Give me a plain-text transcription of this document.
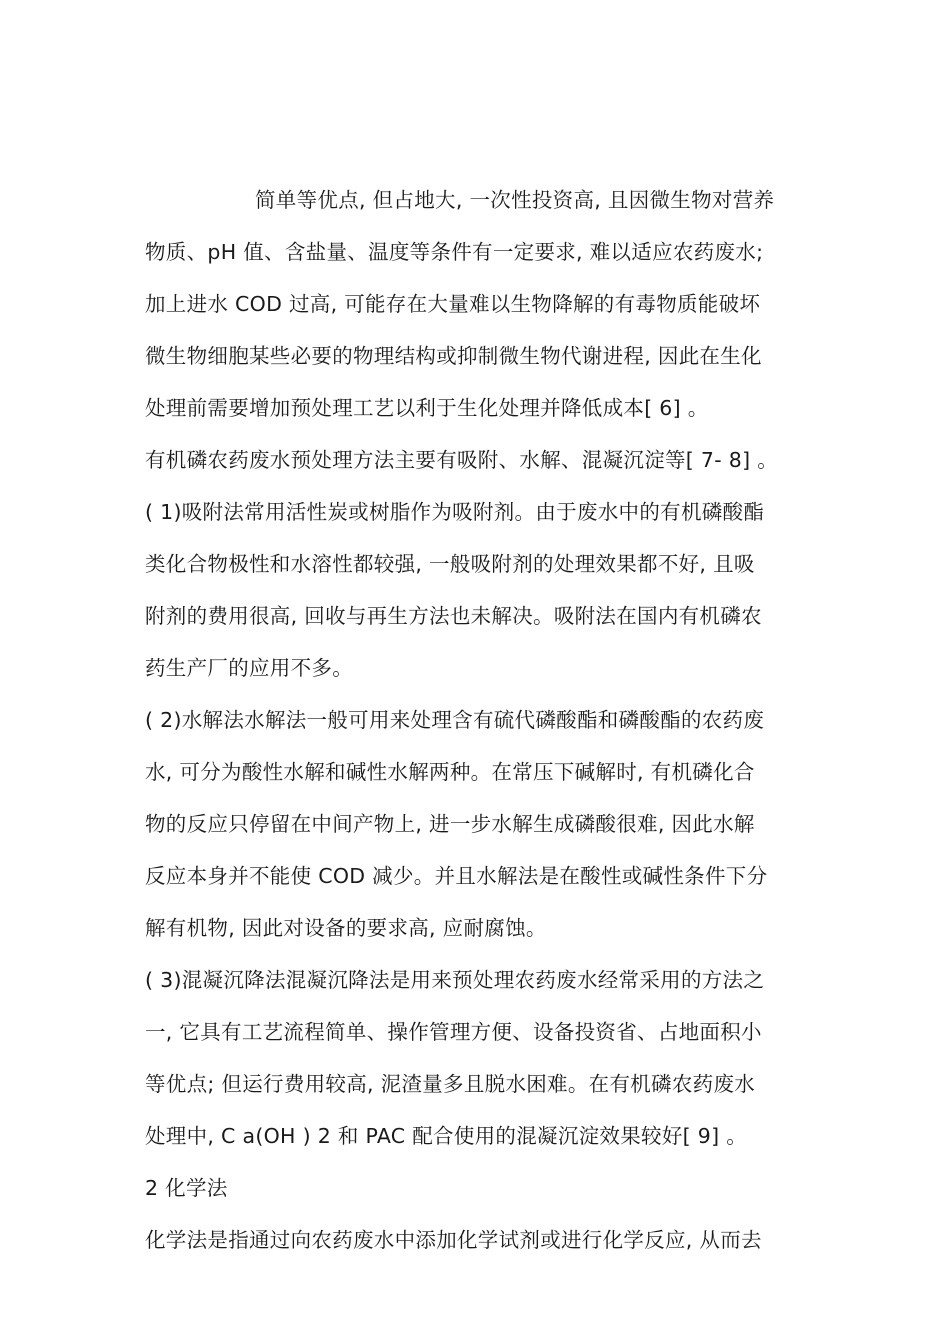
简单等优点, 但占地大, 一次性投资高, 且因微生物对营养
物质、pH 值、含盐量、温度等条件有一定要求, 难以适应农药废水;
加上进水 COD 过高, 可能存在大量难以生物降解的有毒物质能破坏
微生物细胞某些必要的物理结构或抑制微生物代谢进程, 因此在生化
处理前需要增加预处理工艺以利于生化处理并降低成本[ 6] 。
有机磷农药废水预处理方法主要有吸附、水解、混凝沉淀等[ 7- 8] 。
( 1)吸附法常用活性炭或树脂作为吸附剂。由于废水中的有机磷酸酯
类化合物极性和水溶性都较强, 一般吸附剂的处理效果都不好, 且吸
附剂的费用很高, 回收与再生方法也未解决。吸附法在国内有机磷农
药生产厂的应用不多。
( 2)水解法水解法一般可用来处理含有硫代磷酸酯和磷酸酯的农药废
水, 可分为酸性水解和碱性水解两种。在常压下碱解时, 有机磷化合
物的反应只停留在中间产物上, 进一步水解生成磷酸很难, 因此水解
反应本身并不能使 COD 减少。并且水解法是在酸性或碱性条件下分
解有机物, 因此对设备的要求高, 应耐腐蚀。
( 3)混凝沉降法混凝沉降法是用来预处理农药废水经常采用的方法之
一, 它具有工艺流程简单、操作管理方便、设备投资省、占地面积小
等优点; 但运行费用较高, 泥渣量多且脱水困难。在有机磷农药废水
处理中, C a(OH ) 2 和 PAC 配合使用的混凝沉淀效果较好[ 9] 。
2 化学法
化学法是指通过向农药废水中添加化学试剂或进行化学反应, 从而去
